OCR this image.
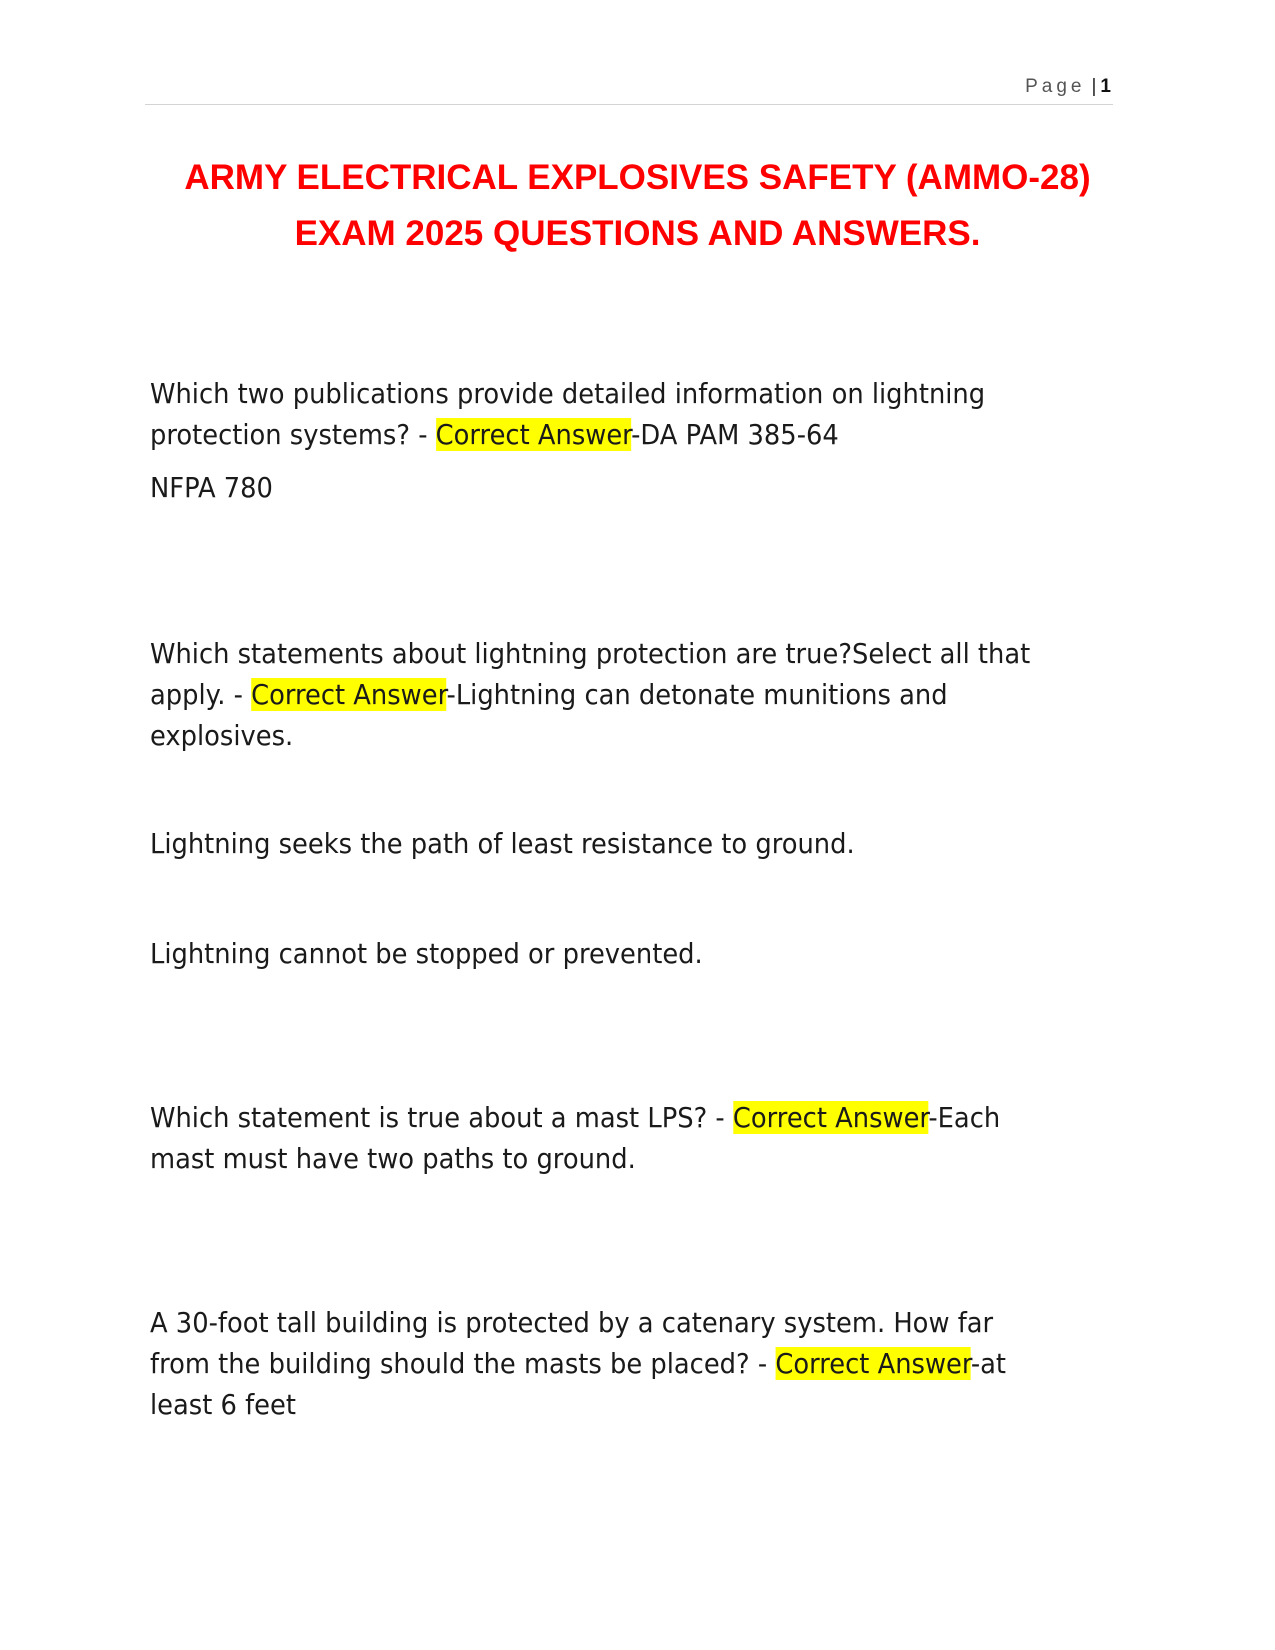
Page | 1
ARMY ELECTRICAL EXPLOSIVES SAFETY (AMMO-28) EXAM 2025 QUESTIONS AND ANSWERS.

Which two publications provide detailed information on lightning protection systems? - Correct Answer-DA PAM 385-64

NFPA 780

Which statements about lightning protection are true?Select all that apply. - Correct Answer-Lightning can detonate munitions and explosives.

Lightning seeks the path of least resistance to ground.

Lightning cannot be stopped or prevented.

Which statement is true about a mast LPS? - Correct Answer-Each mast must have two paths to ground.

A 30-foot tall building is protected by a catenary system. How far from the building should the masts be placed? - Correct Answer-at least 6 feet
